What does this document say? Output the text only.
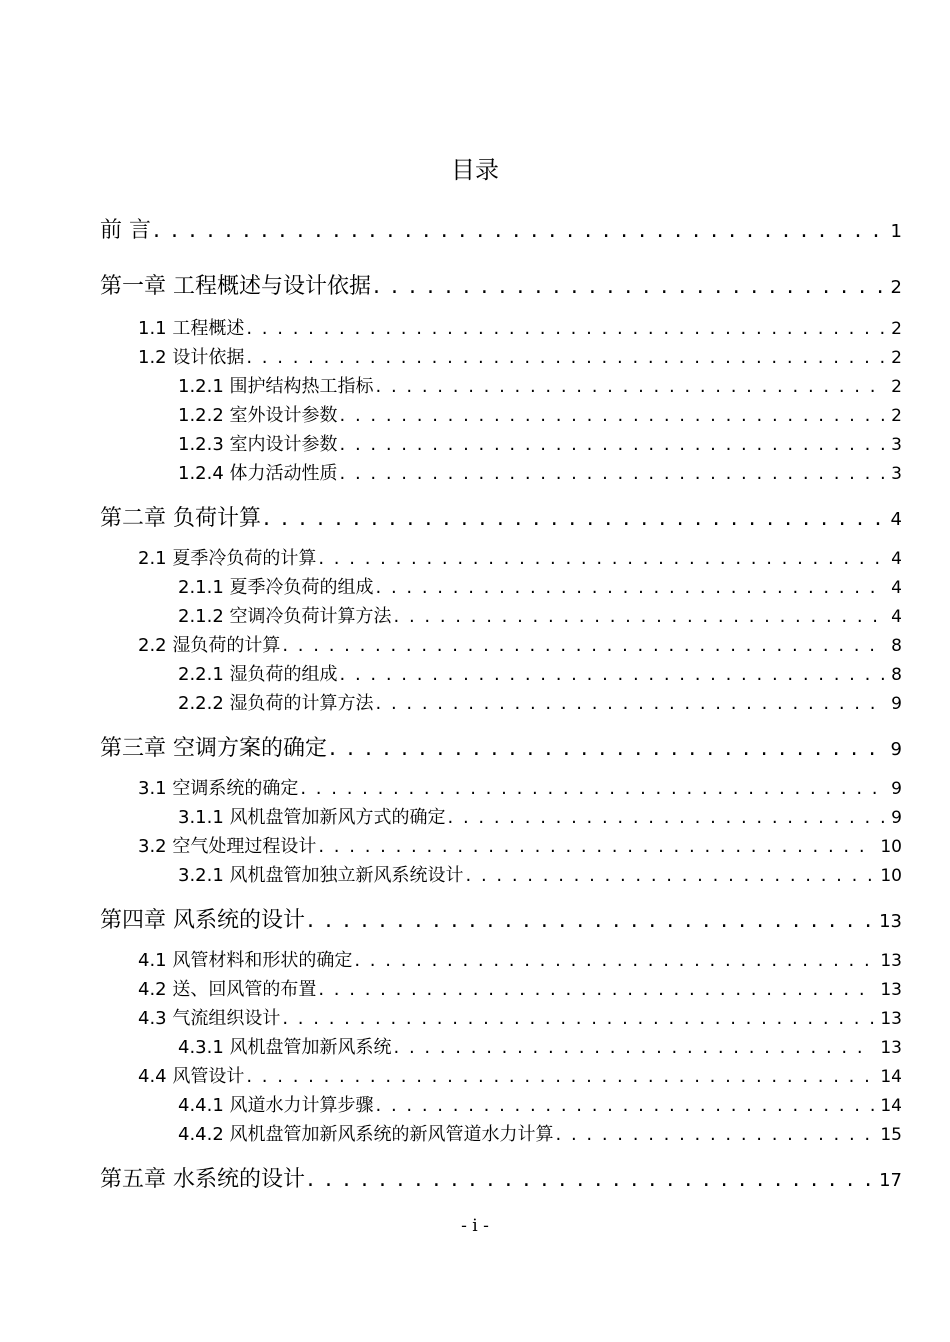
目录
前 言 . . .	1
第一章 工程概述与设计依据 . . .	2
1.1 工程概述 . . .	2
1.2 设计依据 . . .	2
1.2.1 围护结构热工指标 . . .	2
1.2.2 室外设计参数 . . .	2
1.2.3 室内设计参数 . . .	3
1.2.4 体力活动性质 . . .	3
第二章 负荷计算 . . .	4
2.1 夏季冷负荷的计算 . . .	4
2.1.1 夏季冷负荷的组成 . . .	4
2.1.2 空调冷负荷计算方法 . . .	4
2.2 湿负荷的计算 . . .	8
2.2.1 湿负荷的组成 . . .	8
2.2.2 湿负荷的计算方法 . . .	9
第三章 空调方案的确定 . . .	9
3.1 空调系统的确定 . . .	9
3.1.1 风机盘管加新风方式的确定 . . .	9
3.2 空气处理过程设计 . . .	10
3.2.1 风机盘管加独立新风系统设计 . . .	10
第四章 风系统的设计 . . .	13
4.1 风管材料和形状的确定 . . .	13
4.2 送、回风管的布置 . . .	13
4.3 气流组织设计 . . .	13
4.3.1 风机盘管加新风系统 . . .	13
4.4 风管设计 . . .	14
4.4.1 风道水力计算步骤 . . .	14
4.4.2 风机盘管加新风系统的新风管道水力计算 . . .	15
第五章 水系统的设计 . . .	17
- i -
